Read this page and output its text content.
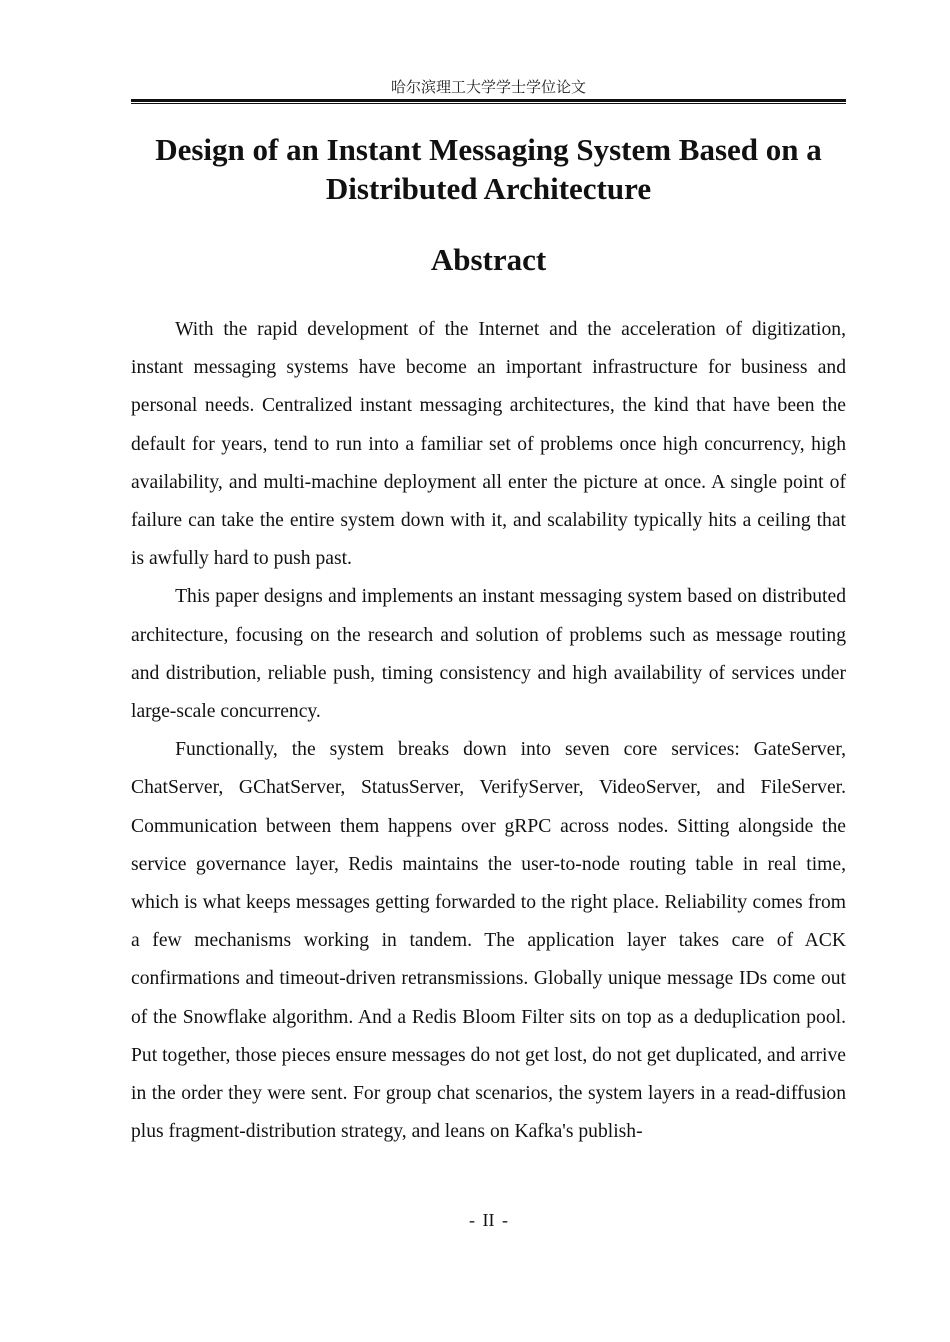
哈尔滨理工大学学士学位论文
Design of an Instant Messaging System Based on a
Distributed Architecture
Abstract

With the rapid development of the Internet and the acceleration of digitization, instant messaging systems have become an important infrastructure for business and personal needs. Centralized instant messaging architectures, the kind that have been the default for years, tend to run into a familiar set of problems once high concurrency, high availability, and multi-machine deployment all enter the picture at once. A single point of failure can take the entire system down with it, and scalability typically hits a ceiling that is awfully hard to push past.

This paper designs and implements an instant messaging system based on distributed architecture, focusing on the research and solution of problems such as message routing and distribution, reliable push, timing consistency and high availability of services under large-scale concurrency.

Functionally, the system breaks down into seven core services: GateServer, ChatServer, GChatServer, StatusServer, VerifyServer, VideoServer, and FileServer. Communication between them happens over gRPC across nodes. Sitting alongside the service governance layer, Redis maintains the user-to-node routing table in real time, which is what keeps messages getting forwarded to the right place. Reliability comes from a few mechanisms working in tandem. The application layer takes care of ACK confirmations and timeout-driven retransmissions. Globally unique message IDs come out of the Snowflake algorithm. And a Redis Bloom Filter sits on top as a deduplication pool. Put together, those pieces ensure messages do not get lost, do not get duplicated, and arrive in the order they were sent. For group chat scenarios, the system layers in a read-diffusion plus fragment-distribution strategy, and leans on Kafka's publish-

- II -
